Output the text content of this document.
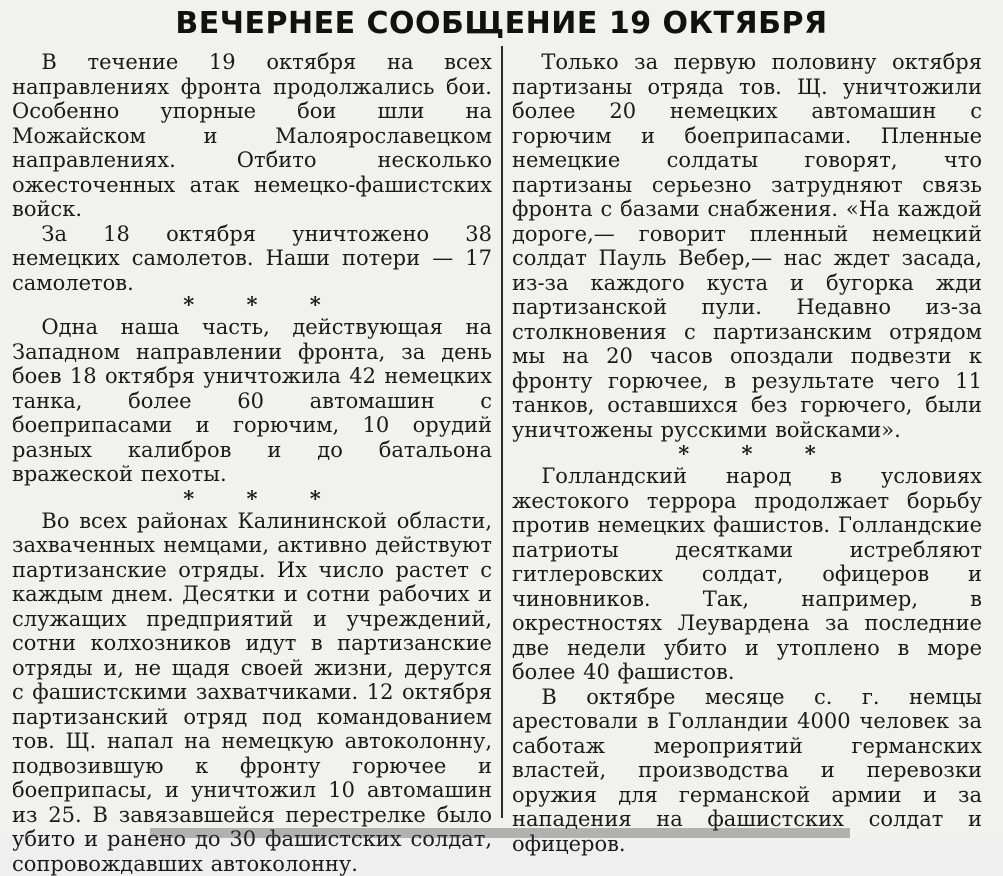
ВЕЧЕРНЕЕ СООБЩЕНИЕ 19 ОКТЯБРЯ

В течение 19 октября на всех направлениях фронта продолжались бои. Особенно упорные бои шли на Можайском и Малоярославецком направлениях. Отбито несколько ожесточенных атак немецко-фашистских войск.

За 18 октября уничтожено 38 немецких самолетов. Наши потери — 17 самолетов.

* * *

Одна наша часть, действующая на Западном направлении фронта, за день боев 18 октября уничтожила 42 немецких танка, более 60 автомашин с боеприпасами и горючим, 10 орудий разных калибров и до батальона вражеской пехоты.

* * *

Во всех районах Калининской области, захваченных немцами, активно действуют партизанские отряды. Их число растет с каждым днем. Десятки и сотни рабочих и служащих предприятий и учреждений, сотни колхозников идут в партизанские отряды и, не щадя своей жизни, дерутся с фашистскими захватчиками. 12 октября партизанский отряд под командованием тов. Щ. напал на немецкую автоколонну, подвозившую к фронту горючее и боеприпасы, и уничтожил 10 автомашин из 25. В завязавшейся перестрелке было убито и ранено до 30 фашистских солдат, сопровождавших автоколонну.

Только за первую половину октября партизаны отряда тов. Щ. уничтожили более 20 немецких автомашин с горючим и боеприпасами. Пленные немецкие солдаты говорят, что партизаны серьезно затрудняют связь фронта с базами снабжения. «На каждой дороге,— говорит пленный немецкий солдат Пауль Вебер,— нас ждет засада, из-за каждого куста и бугорка жди партизанской пули. Недавно из-за столкновения с партизанским отрядом мы на 20 часов опоздали подвезти к фронту горючее, в результате чего 11 танков, оставшихся без горючего, были уничтожены русскими войсками».

* * *

Голландский народ в условиях жестокого террора продолжает борьбу против немецких фашистов. Голландские патриоты десятками истребляют гитлеровских солдат, офицеров и чиновников. Так, например, в окрестностях Леувардена за последние две недели убито и утоплено в море более 40 фашистов.

В октябре месяце с. г. немцы арестовали в Голландии 4000 человек за саботаж мероприятий германских властей, производства и перевозки оружия для германской армии и за нападения на фашистских солдат и офицеров.
